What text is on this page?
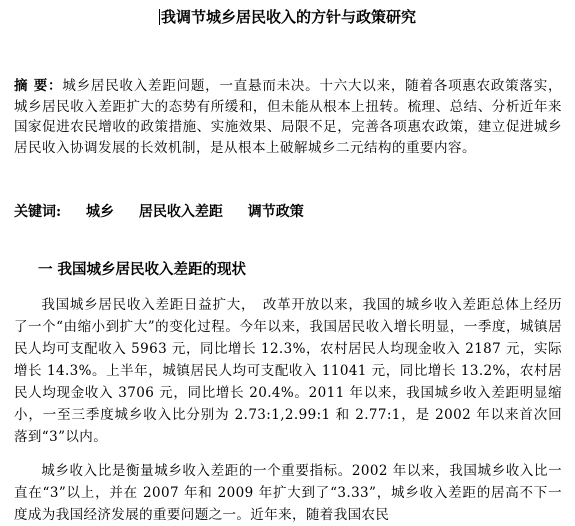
我调节城乡居民收入的方针与政策研究
摘 要：城乡居民收入差距问题，一直悬而未决。十六大以来，随着各项惠农政策落实，城乡居民收入差距扩大的态势有所缓和，但未能从根本上扭转。梳理、总结、分析近年来国家促进农民增收的政策措施、实施效果、局限不足，完善各项惠农政策，建立促进城乡居民收入协调发展的长效机制，是从根本上破解城乡二元结构的重要内容。
关键词: 城乡 居民收入差距 调节政策
一 我国城乡居民收入差距的现状
我国城乡居民收入差距日益扩大，　改革开放以来，我国的城乡收入差距总体上经历了一个“由缩小到扩大”的变化过程。今年以来，我国居民收入增长明显，一季度，城镇居民人均可支配收入 5963 元，同比增长 12.3%，农村居民人均现金收入 2187 元，实际增长 14.3%。上半年，城镇居民人均可支配收入 11041 元，同比增长 13.2%，农村居民人均现金收入 3706 元，同比增长 20.4%。2011 年以来，我国城乡收入差距明显缩小，一至三季度城乡收入比分别为 2.73:1,2.99:1 和 2.77:1，是 2002 年以来首次回落到“3”以内。
城乡收入比是衡量城乡收入差距的一个重要指标。2002 年以来，我国城乡收入比一直在“3”以上，并在 2007 年和 2009 年扩大到了“3.33”，城乡收入差距的居高不下一度成为我国经济发展的重要问题之一。近年来，随着我国农民
